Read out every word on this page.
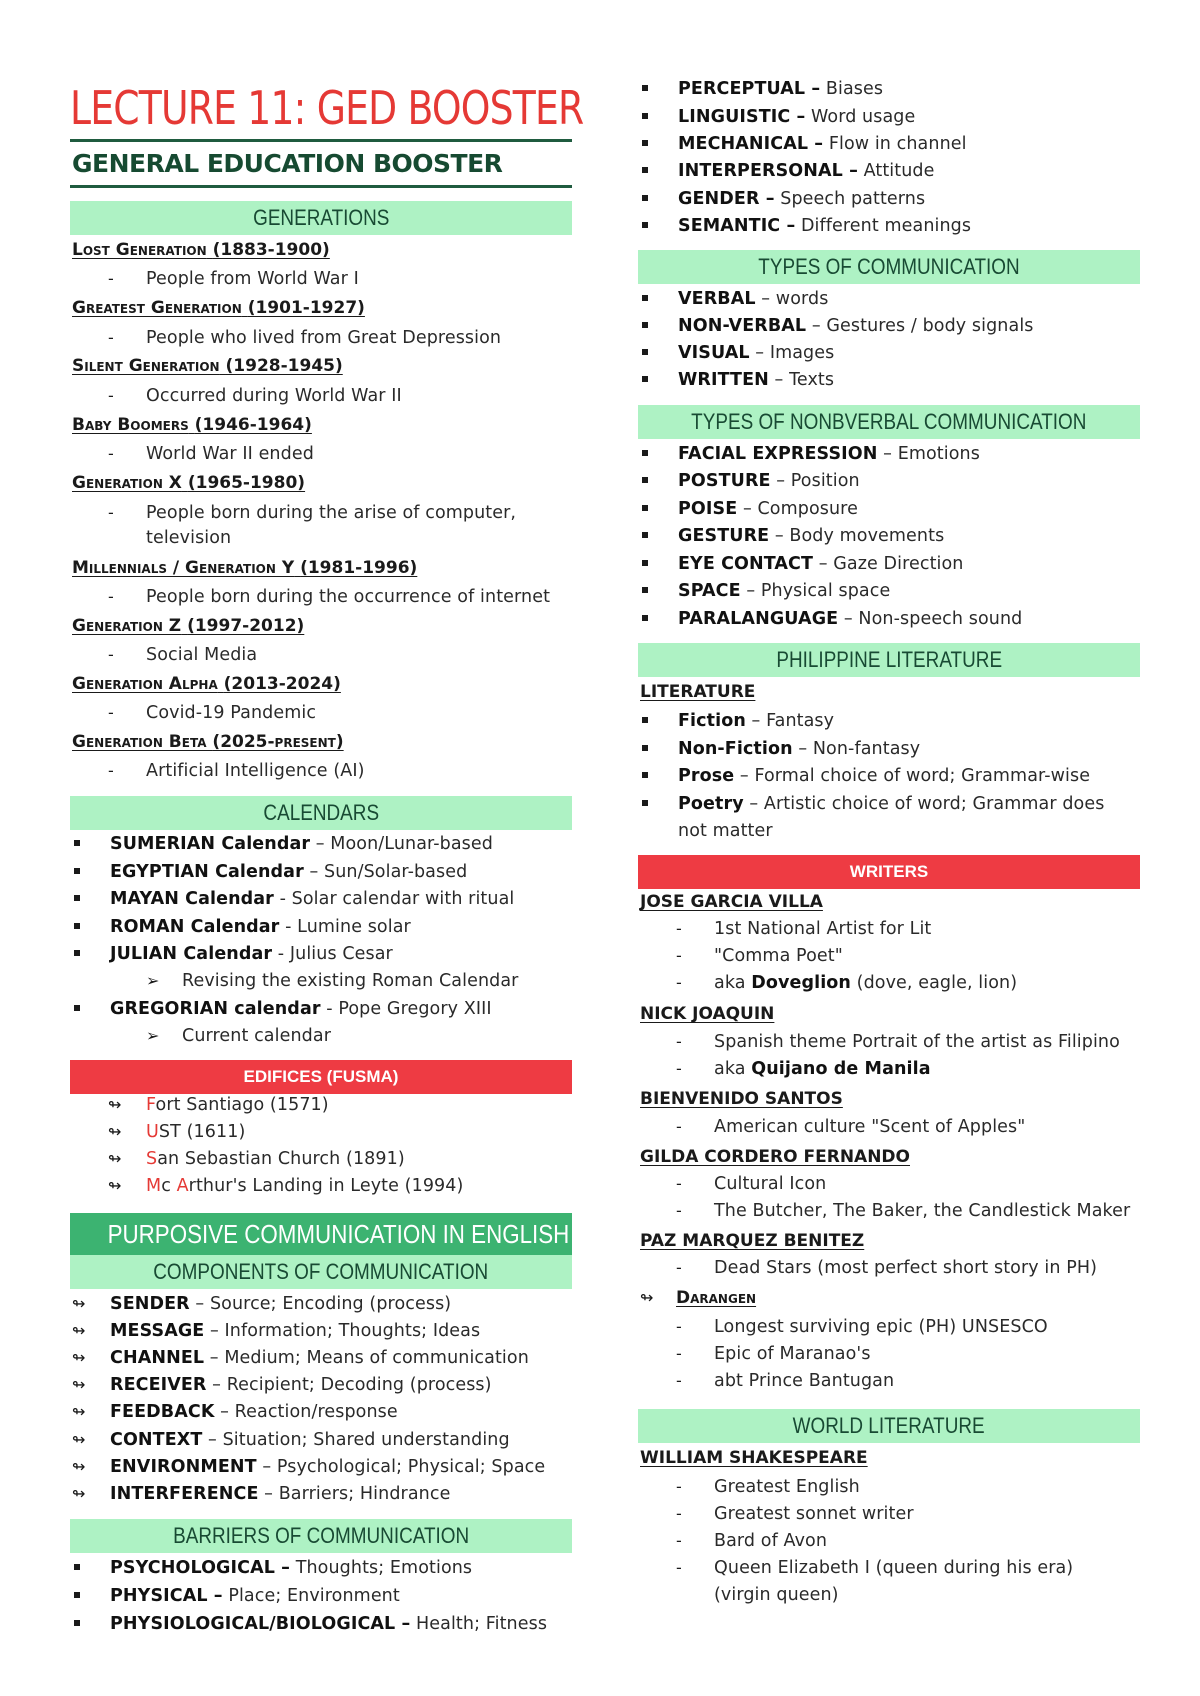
LECTURE 11: GED BOOSTER
GENERAL EDUCATION BOOSTER
GENERATIONS
Lost Generation (1883-1900)
- People from World War I
Greatest Generation (1901-1927)
- People who lived from Great Depression
Silent Generation (1928-1945)
- Occurred during World War II
Baby Boomers (1946-1964)
- World War II ended
Generation X (1965-1980)
- People born during the arise of computer,
television
Millennials / Generation Y (1981-1996)
- People born during the occurrence of internet
Generation Z (1997-2012)
- Social Media
Generation Alpha (2013-2024)
- Covid-19 Pandemic
Generation Beta (2025-present)
- Artificial Intelligence (AI)
CALENDARS
SUMERIAN Calendar – Moon/Lunar-based
EGYPTIAN Calendar – Sun/Solar-based
MAYAN Calendar - Solar calendar with ritual
ROMAN Calendar - Lumine solar
JULIAN Calendar - Julius Cesar
➢ Revising the existing Roman Calendar
GREGORIAN calendar - Pope Gregory XIII
➢ Current calendar
EDIFICES (FUSMA)
↬ Fort Santiago (1571)
↬ UST (1611)
↬ San Sebastian Church (1891)
↬ Mc Arthur's Landing in Leyte (1994)
PURPOSIVE COMMUNICATION IN ENGLISH
COMPONENTS OF COMMUNICATION
↬ SENDER – Source; Encoding (process)
↬ MESSAGE – Information; Thoughts; Ideas
↬ CHANNEL – Medium; Means of communication
↬ RECEIVER – Recipient; Decoding (process)
↬ FEEDBACK – Reaction/response
↬ CONTEXT – Situation; Shared understanding
↬ ENVIRONMENT – Psychological; Physical; Space
↬ INTERFERENCE – Barriers; Hindrance
BARRIERS OF COMMUNICATION
PSYCHOLOGICAL – Thoughts; Emotions
PHYSICAL – Place; Environment
PHYSIOLOGICAL/BIOLOGICAL – Health; Fitness
PERCEPTUAL – Biases
LINGUISTIC – Word usage
MECHANICAL – Flow in channel
INTERPERSONAL – Attitude
GENDER – Speech patterns
SEMANTIC – Different meanings
TYPES OF COMMUNICATION
VERBAL – words
NON-VERBAL – Gestures / body signals
VISUAL – Images
WRITTEN – Texts
TYPES OF NONBVERBAL COMMUNICATION
FACIAL EXPRESSION – Emotions
POSTURE – Position
POISE – Composure
GESTURE – Body movements
EYE CONTACT – Gaze Direction
SPACE – Physical space
PARALANGUAGE – Non-speech sound
PHILIPPINE LITERATURE
LITERATURE
Fiction – Fantasy
Non-Fiction – Non-fantasy
Prose – Formal choice of word; Grammar-wise
Poetry – Artistic choice of word; Grammar does
not matter
WRITERS
JOSE GARCIA VILLA
- 1st National Artist for Lit
- "Comma Poet"
- aka Doveglion (dove, eagle, lion)
NICK JOAQUIN
- Spanish theme Portrait of the artist as Filipino
- aka Quijano de Manila
BIENVENIDO SANTOS
- American culture "Scent of Apples"
GILDA CORDERO FERNANDO
- Cultural Icon
- The Butcher, The Baker, the Candlestick Maker
PAZ MARQUEZ BENITEZ
- Dead Stars (most perfect short story in PH)
↬ Darangen
- Longest surviving epic (PH) UNSESCO
- Epic of Maranao's
- abt Prince Bantugan
WORLD LITERATURE
WILLIAM SHAKESPEARE
- Greatest English
- Greatest sonnet writer
- Bard of Avon
- Queen Elizabeth I (queen during his era)
(virgin queen)
